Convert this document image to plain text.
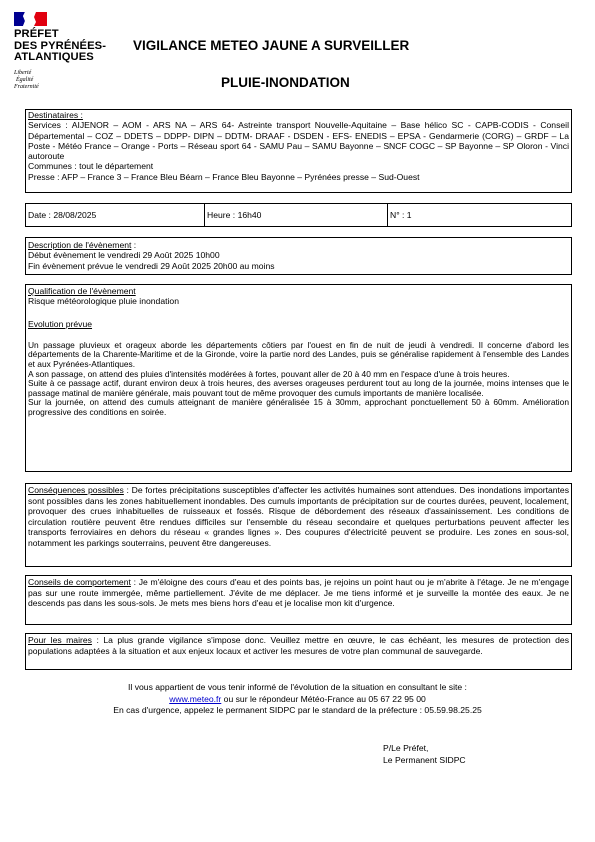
PRÉFET
DES PYRÉNÉES-
ATLANTIQUES
Liberté
Égalité
Fraternité
VIGILANCE METEO JAUNE A SURVEILLER
PLUIE-INONDATION
Destinataires :
Services : AIJENOR – AOM - ARS NA – ARS 64- Astreinte transport Nouvelle-Aquitaine – Base hélico SC - CAPB-CODIS - Conseil Départemental – COZ – DDETS – DDPP- DIPN – DDTM- DRAAF - DSDEN - EFS- ENEDIS – EPSA - Gendarmerie (CORG) – GRDF – La Poste - Météo France – Orange - Ports – Réseau sport 64 - SAMU Pau – SAMU Bayonne – SNCF COGC – SP Bayonne – SP Oloron - Vinci autoroute
Communes : tout le département
Presse : AFP – France 3 – France Bleu Béarn – France Bleu Bayonne – Pyrénées presse – Sud-Ouest
Date : 28/08/2025	Heure : 16h40	N° : 1
Description de l'évènement :
Début évènement le vendredi 29 Août 2025 10h00
Fin évènement prévue le vendredi 29 Août 2025 20h00 au moins
Qualification de l'évènement
Risque météorologique pluie inondation
Evolution prévue
Un passage pluvieux et orageux aborde les départements côtiers par l'ouest en fin de nuit de jeudi à vendredi. Il concerne d'abord les départements de la Charente-Maritime et de la Gironde, voire la partie nord des Landes, puis se généralise rapidement à l'ensemble des Landes et aux Pyrénées-Atlantiques.
A son passage, on attend des pluies d'intensités modérées à fortes, pouvant aller de 20 à 40 mm en l'espace d'une à trois heures.
Suite à ce passage actif, durant environ deux à trois heures, des averses orageuses perdurent tout au long de la journée, moins intenses que le passage matinal de manière générale, mais pouvant tout de même provoquer des cumuls importants de manière localisée.
Sur la journée, on attend des cumuls atteignant de manière généralisée 15 à 30mm, approchant ponctuellement 50 à 60mm. Amélioration progressive des conditions en soirée.
Conséquences possibles : De fortes précipitations susceptibles d'affecter les activités humaines sont attendues. Des inondations importantes sont possibles dans les zones habituellement inondables. Des cumuls importants de précipitation sur de courtes durées, peuvent, localement, provoquer des crues inhabituelles de ruisseaux et fossés. Risque de débordement des réseaux d'assainissement. Les conditions de circulation routière peuvent être rendues difficiles sur l'ensemble du réseau secondaire et quelques perturbations peuvent affecter les transports ferroviaires en dehors du réseau « grandes lignes ». Des coupures d'électricité peuvent se produire. Les zones en sous-sol, notamment les parkings souterrains, peuvent être dangereuses.
Conseils de comportement : Je m'éloigne des cours d'eau et des points bas, je rejoins un point haut ou je m'abrite à l'étage. Je ne m'engage pas sur une route immergée, même partiellement. J'évite de me déplacer. Je me tiens informé et je surveille la montée des eaux. Je ne descends pas dans les sous-sols. Je mets mes biens hors d'eau et je localise mon kit d'urgence.
Pour les maires : La plus grande vigilance s'impose donc. Veuillez mettre en œuvre, le cas échéant, les mesures de protection des populations adaptées à la situation et aux enjeux locaux et activer les mesures de votre plan communal de sauvegarde.
Il vous appartient de vous tenir informé de l'évolution de la situation en consultant le site :
www.meteo.fr ou sur le répondeur Météo-France au 05 67 22 95 00
En cas d'urgence, appelez le permanent SIDPC par le standard de la préfecture : 05.59.98.25.25
P/Le Préfet,
Le Permanent SIDPC
